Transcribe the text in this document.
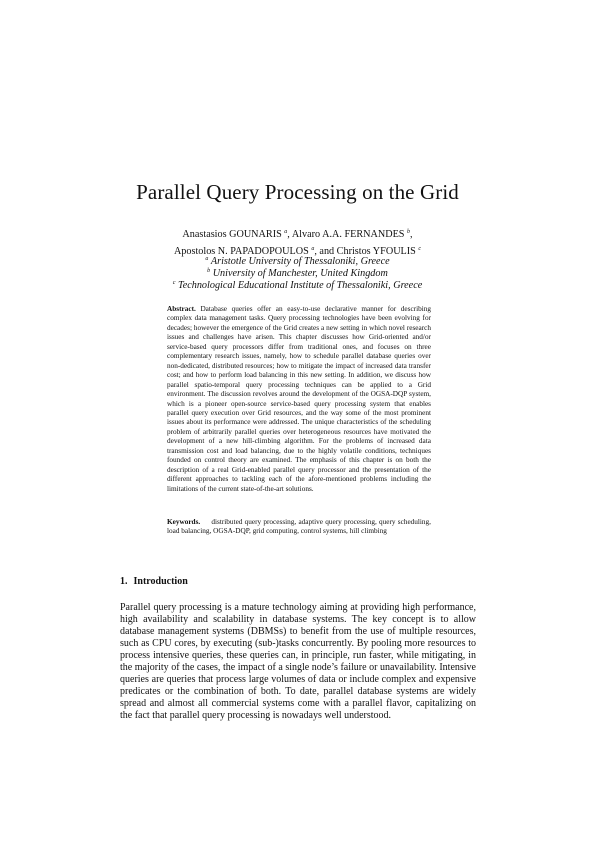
Parallel Query Processing on the Grid
Anastasios GOUNARIS $^a$, Alvaro A.A. FERNANDES $^b$,
Apostolos N. PAPADOPOULOS $^a$, and Christos YFOULIS $^c$
$^a$ Aristotle University of Thessaloniki, Greece
$^b$ University of Manchester, United Kingdom
$^c$ Technological Educational Institute of Thessaloniki, Greece
Abstract. Database queries offer an easy-to-use declarative manner for describing complex data management tasks. Query processing technologies have been evolving for decades; however the emergence of the Grid creates a new setting in which novel research issues and challenges have arisen. This chapter discusses how Grid-oriented and/or service-based query processors differ from traditional ones, and focuses on three complementary research issues, namely, how to schedule parallel database queries over non-dedicated, distributed resources; how to mitigate the impact of increased data transfer cost; and how to perform load balancing in this new setting. In addition, we discuss how parallel spatio-temporal query processing techniques can be applied to a Grid environment. The discussion revolves around the development of the OGSA-DQP system, which is a pioneer open-source service-based query processing system that enables parallel query execution over Grid resources, and the way some of the most prominent issues about its performance were addressed. The unique characteristics of the scheduling problem of arbitrarily parallel queries over heterogeneous resources have motivated the development of a new hill-climbing algorithm. For the problems of increased data transmission cost and load balancing, due to the highly volatile conditions, techniques founded on control theory are examined. The emphasis of this chapter is on both the description of a real Grid-enabled parallel query processor and the presentation of the different approaches to tackling each of the afore-mentioned problems including the limitations of the current state-of-the-art solutions.
Keywords. distributed query processing, adaptive query processing, query scheduling, load balancing, OGSA-DQP, grid computing, control systems, hill climbing
1. Introduction
Parallel query processing is a mature technology aiming at providing high performance, high availability and scalability in database systems. The key concept is to allow database management systems (DBMSs) to benefit from the use of multiple resources, such as CPU cores, by executing (sub-)tasks concurrently. By pooling more resources to process intensive queries, these queries can, in principle, run faster, while mitigating, in the majority of the cases, the impact of a single node’s failure or unavailability. Intensive queries are queries that process large volumes of data or include complex and expensive predicates or the combination of both. To date, parallel database systems are widely spread and almost all commercial systems come with a parallel flavor, capitalizing on the fact that parallel query processing is nowadays well understood.
